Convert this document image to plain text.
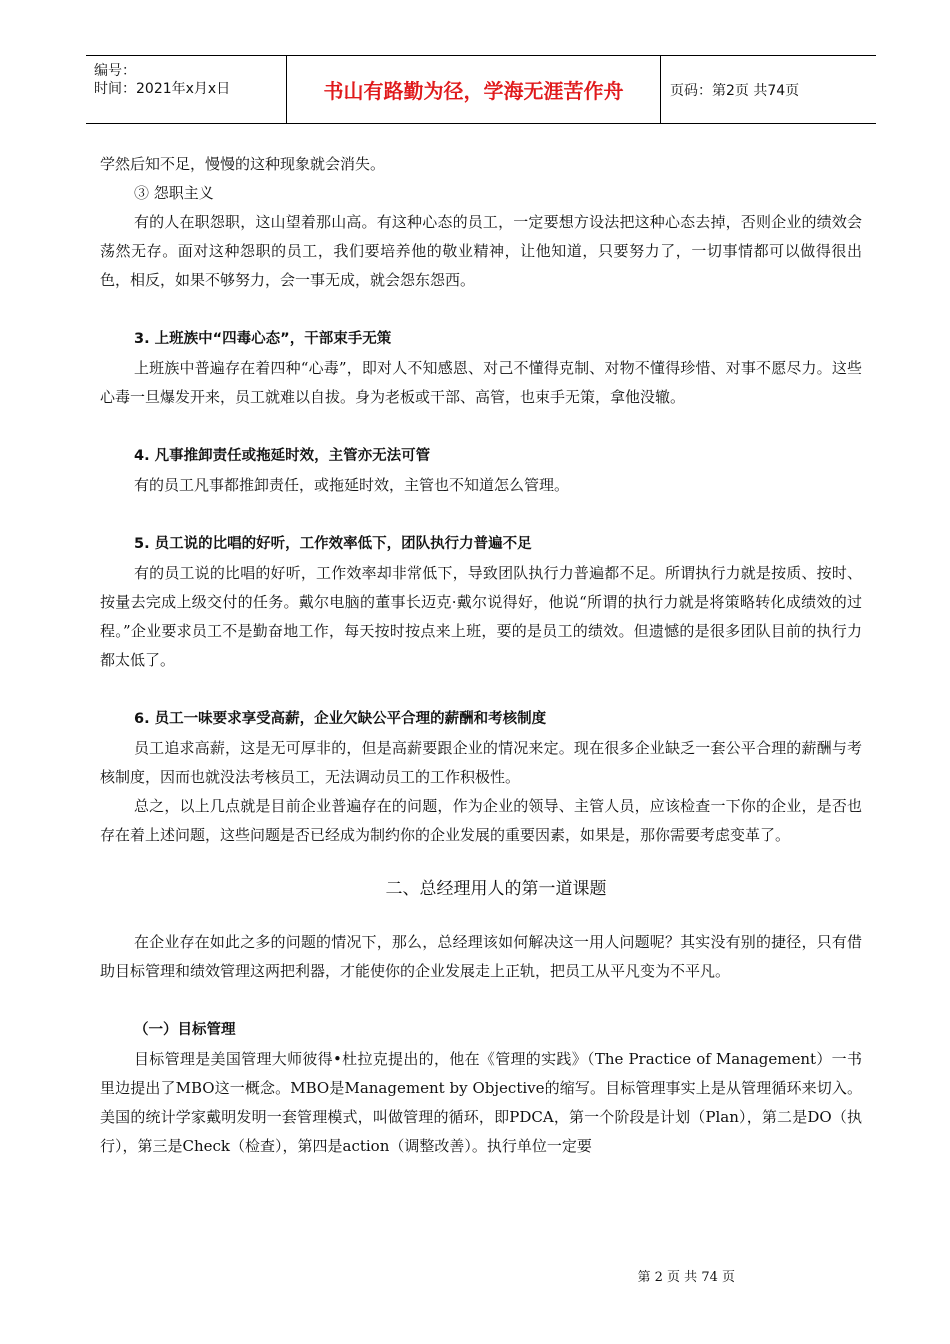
编号：
时间：2021年x月x日	书山有路勤为径，学海无涯苦作舟	页码：第2页 共74页

学然后知不足，慢慢的这种现象就会消失。

③ 怨职主义

有的人在职怨职，这山望着那山高。有这种心态的员工，一定要想方设法把这种心态去掉，否则企业的绩效会荡然无存。面对这种怨职的员工，我们要培养他的敬业精神，让他知道，只要努力了，一切事情都可以做得很出色，相反，如果不够努力，会一事无成，就会怨东怨西。

3. 上班族中“四毒心态”，干部束手无策

上班族中普遍存在着四种“心毒”，即对人不知感恩、对己不懂得克制、对物不懂得珍惜、对事不愿尽力。这些心毒一旦爆发开来，员工就难以自拔。身为老板或干部、高管，也束手无策，拿他没辙。

4. 凡事推卸责任或拖延时效，主管亦无法可管

有的员工凡事都推卸责任，或拖延时效，主管也不知道怎么管理。

5. 员工说的比唱的好听，工作效率低下，团队执行力普遍不足

有的员工说的比唱的好听，工作效率却非常低下，导致团队执行力普遍都不足。所谓执行力就是按质、按时、按量去完成上级交付的任务。戴尔电脑的董事长迈克·戴尔说得好，他说“所谓的执行力就是将策略转化成绩效的过程。”企业要求员工不是勤奋地工作，每天按时按点来上班，要的是员工的绩效。但遗憾的是很多团队目前的执行力都太低了。

6. 员工一味要求享受高薪，企业欠缺公平合理的薪酬和考核制度

员工追求高薪，这是无可厚非的，但是高薪要跟企业的情况来定。现在很多企业缺乏一套公平合理的薪酬与考核制度，因而也就没法考核员工，无法调动员工的工作积极性。

总之，以上几点就是目前企业普遍存在的问题，作为企业的领导、主管人员，应该检查一下你的企业，是否也存在着上述问题，这些问题是否已经成为制约你的企业发展的重要因素，如果是，那你需要考虑变革了。

二、总经理用人的第一道课题

在企业存在如此之多的问题的情况下，那么，总经理该如何解决这一用人问题呢？其实没有别的捷径，只有借助目标管理和绩效管理这两把利器，才能使你的企业发展走上正轨，把员工从平凡变为不平凡。

（一）目标管理

目标管理是美国管理大师彼得•杜拉克提出的，他在《管理的实践》（The Practice of Management）一书里边提出了MBO这一概念。MBO是Management by Objective的缩写。目标管理事实上是从管理循环来切入。美国的统计学家戴明发明一套管理模式，叫做管理的循环，即PDCA，第一个阶段是计划（Plan），第二是DO（执行），第三是Check（检查），第四是action（调整改善）。执行单位一定要

第 2 页 共 74 页
